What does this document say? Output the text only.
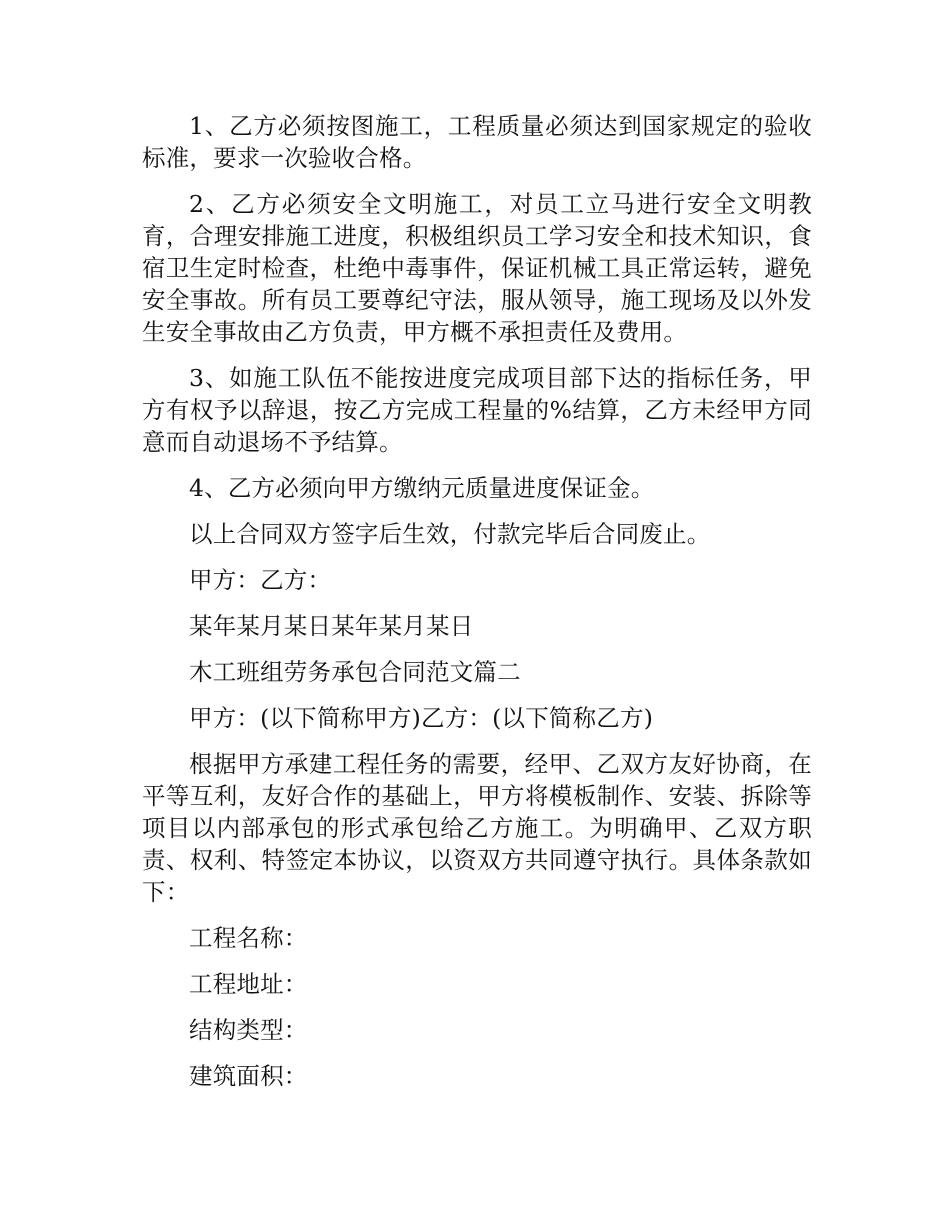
1、乙方必须按图施工，工程质量必须达到国家规定的验收标准，要求一次验收合格。

2、乙方必须安全文明施工，对员工立马进行安全文明教育，合理安排施工进度，积极组织员工学习安全和技术知识，食宿卫生定时检查，杜绝中毒事件，保证机械工具正常运转，避免安全事故。所有员工要尊纪守法，服从领导，施工现场及以外发生安全事故由乙方负责，甲方概不承担责任及费用。

3、如施工队伍不能按进度完成项目部下达的指标任务，甲方有权予以辞退，按乙方完成工程量的%结算，乙方未经甲方同意而自动退场不予结算。

4、乙方必须向甲方缴纳元质量进度保证金。

以上合同双方签字后生效，付款完毕后合同废止。

甲方：乙方：

某年某月某日某年某月某日

木工班组劳务承包合同范文篇二

甲方：(以下简称甲方)乙方：(以下简称乙方)

根据甲方承建工程任务的需要，经甲、乙双方友好协商，在平等互利，友好合作的基础上，甲方将模板制作、安装、拆除等项目以内部承包的形式承包给乙方施工。为明确甲、乙双方职责、权利、特签定本协议，以资双方共同遵守执行。具体条款如下：

工程名称：

工程地址：

结构类型：

建筑面积：
